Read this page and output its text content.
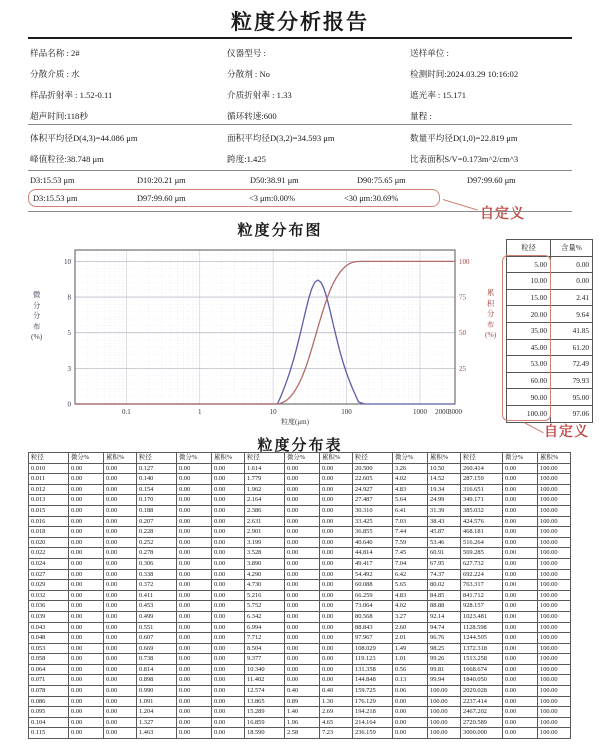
粒度分析报告
样品名称 : 2#	仪器型号 :	送样单位 :
分散介质 : 水	分散剂 : No	检测时间:2024.03.29 10:16:02
样品折射率 : 1.52-0.11	介质折射率 : 1.33	遮光率 : 15.171
超声时间:118秒	循环转速:600	量程 :
体积平均径D(4,3)=44.086 μm	面积平均径D(3,2)=34.593 μm	数量平均径D(1,0)=22.819 μm
峰值粒径:38.748 μm	跨度:1.425	比表面积S/V=0.173m^2/cm^3
D3:15.53 μm	D10:20.21 μm	D50:38.91 μm	D90:75.65 μm	D97:99.60 μm
D3:15.53 μm	D97:99.60 μm	<3 μm:0.00%	<30 μm:30.69%
自定义
粒度分布图
0
3
5
8
10
25
50
75
100
0.1	1	10	100	1000 2000
3000
粒度(μm)
微
分
分
布
(%)
累
积
分
布
(%)
粒径	含量%
5.00	0.00
10.00	0.00
15.00	2.41
20.00	9.64
35.00	41.85
45.00	61.20
53.00	72.49
60.00	79.93
90.00	95.00
100.00	97.06
自定义
粒度分布表
粒径	微分%	累积%	粒径	微分%	累积%	粒径	微分%	累积%	粒径	微分%	累积%	粒径	微分%	累积%
0.010	0.00	0.00	0.127	0.00	0.00	1.614	0.00	0.00	20.500	3.26	10.50	260.414	0.00	100.00
0.011	0.00	0.00	0.140	0.00	0.00	1.779	0.00	0.00	22.605	4.02	14.52	287.159	0.00	100.00
0.012	0.00	0.00	0.154	0.00	0.00	1.962	0.00	0.00	24.927	4.83	19.34	316.651	0.00	100.00
0.013	0.00	0.00	0.170	0.00	0.00	2.164	0.00	0.00	27.487	5.64	24.99	349.171	0.00	100.00
0.015	0.00	0.00	0.188	0.00	0.00	2.386	0.00	0.00	30.310	6.41	31.39	385.032	0.00	100.00
0.016	0.00	0.00	0.207	0.00	0.00	2.631	0.00	0.00	33.425	7.03	38.43	424.576	0.00	100.00
0.018	0.00	0.00	0.228	0.00	0.00	2.901	0.00	0.00	36.855	7.44	45.87	468.181	0.00	100.00
0.020	0.00	0.00	0.252	0.00	0.00	3.199	0.00	0.00	40.640	7.59	53.46	516.264	0.00	100.00
0.022	0.00	0.00	0.278	0.00	0.00	3.528	0.00	0.00	44.814	7.45	60.91	569.285	0.00	100.00
0.024	0.00	0.00	0.306	0.00	0.00	3.890	0.00	0.00	49.417	7.04	67.95	627.732	0.00	100.00
0.027	0.00	0.00	0.338	0.00	0.00	4.290	0.00	0.00	54.492	6.42	74.37	692.224	0.00	100.00
0.029	0.00	0.00	0.372	0.00	0.00	4.730	0.00	0.00	60.088	5.65	80.02	763.317	0.00	100.00
0.032	0.00	0.00	0.411	0.00	0.00	5.216	0.00	0.00	66.259	4.83	84.85	841.712	0.00	100.00
0.036	0.00	0.00	0.453	0.00	0.00	5.752	0.00	0.00	73.064	4.02	88.88	928.157	0.00	100.00
0.039	0.00	0.00	0.499	0.00	0.00	6.342	0.00	0.00	80.568	3.27	92.14	1023.481	0.00	100.00
0.043	0.00	0.00	0.551	0.00	0.00	6.994	0.00	0.00	88.843	2.60	94.74	1128.598	0.00	100.00
0.048	0.00	0.00	0.607	0.00	0.00	7.712	0.00	0.00	97.967	2.01	96.76	1244.505	0.00	100.00
0.053	0.00	0.00	0.669	0.00	0.00	8.504	0.00	0.00	108.029	1.49	98.25	1372.318	0.00	100.00
0.058	0.00	0.00	0.738	0.00	0.00	9.377	0.00	0.00	119.123	1.01	99.26	1513.258	0.00	100.00
0.064	0.00	0.00	0.814	0.00	0.00	10.340	0.00	0.00	131.358	0.56	99.81	1668.674	0.00	100.00
0.071	0.00	0.00	0.898	0.00	0.00	11.402	0.00	0.00	144.848	0.13	99.94	1840.050	0.00	100.00
0.078	0.00	0.00	0.990	0.00	0.00	12.574	0.40	0.40	159.725	0.06	100.00	2029.028	0.00	100.00
0.086	0.00	0.00	1.091	0.00	0.00	13.865	0.89	1.30	176.129	0.00	100.00	2237.414	0.00	100.00
0.095	0.00	0.00	1.204	0.00	0.00	15.289	1.40	2.69	194.218	0.00	100.00	2467.202	0.00	100.00
0.104	0.00	0.00	1.327	0.00	0.00	16.859	1.96	4.65	214.164	0.00	100.00	2720.589	0.00	100.00
0.115	0.00	0.00	1.463	0.00	0.00	18.590	2.58	7.23	236.159	0.00	100.00	3000.000	0.00	100.00
